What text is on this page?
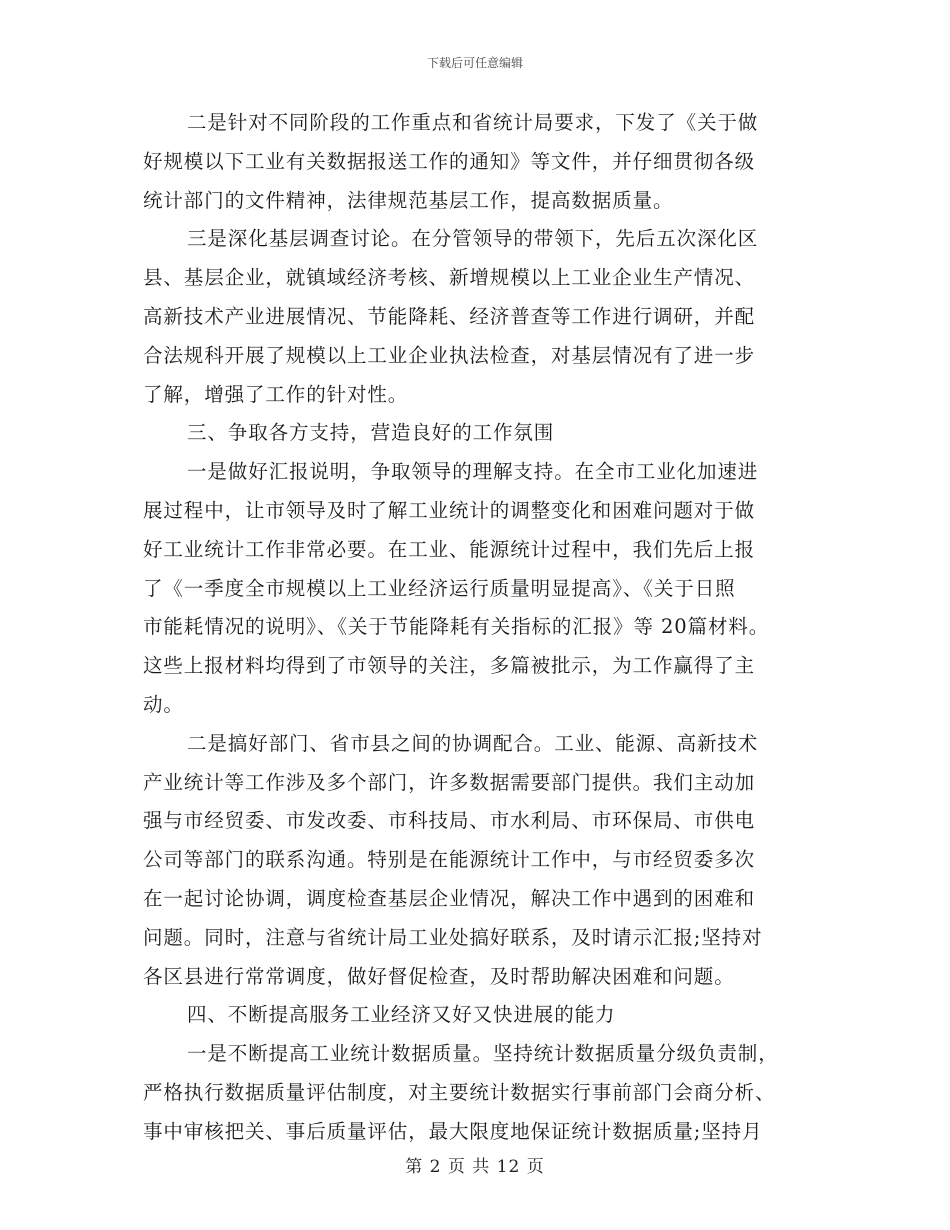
下载后可任意编辑
二是针对不同阶段的工作重点和省统计局要求，下发了《关于做
好规模以下工业有关数据报送工作的通知》等文件，并仔细贯彻各级
统计部门的文件精神，法律规范基层工作，提高数据质量。
三是深化基层调查讨论。在分管领导的带领下，先后五次深化区
县、基层企业，就镇域经济考核、新增规模以上工业企业生产情况、
高新技术产业进展情况、节能降耗、经济普查等工作进行调研，并配
合法规科开展了规模以上工业企业执法检查，对基层情况有了进一步
了解，增强了工作的针对性。
三、争取各方支持，营造良好的工作氛围
一是做好汇报说明，争取领导的理解支持。在全市工业化加速进
展过程中，让市领导及时了解工业统计的调整变化和困难问题对于做
好工业统计工作非常必要。在工业、能源统计过程中，我们先后上报
了《一季度全市规模以上工业经济运行质量明显提高》、《关于日照
市能耗情况的说明》、《关于节能降耗有关指标的汇报》等 20篇材料。
这些上报材料均得到了市领导的关注，多篇被批示，为工作赢得了主
动。
二是搞好部门、省市县之间的协调配合。工业、能源、高新技术
产业统计等工作涉及多个部门，许多数据需要部门提供。我们主动加
强与市经贸委、市发改委、市科技局、市水利局、市环保局、市供电
公司等部门的联系沟通。特别是在能源统计工作中，与市经贸委多次
在一起讨论协调，调度检查基层企业情况，解决工作中遇到的困难和
问题。同时，注意与省统计局工业处搞好联系，及时请示汇报;坚持对
各区县进行常常调度，做好督促检查，及时帮助解决困难和问题。
四、不断提高服务工业经济又好又快进展的能力
一是不断提高工业统计数据质量。坚持统计数据质量分级负责制，
严格执行数据质量评估制度，对主要统计数据实行事前部门会商分析、
事中审核把关、事后质量评估，最大限度地保证统计数据质量;坚持月
第 2 页 共 12 页
